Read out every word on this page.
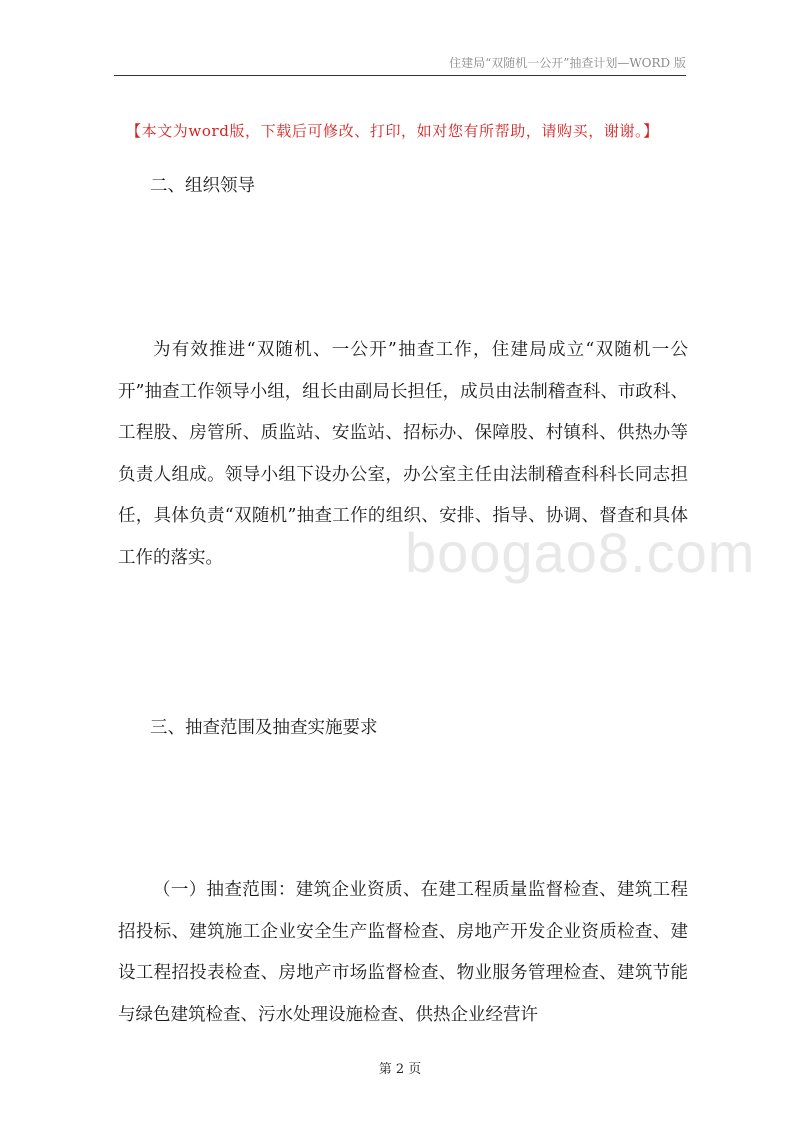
住建局“双随机一公开”抽查计划—WORD 版
【本文为word版，下载后可修改、打印，如对您有所帮助，请购买，谢谢。】
二、组织领导

为有效推进“双随机、一公开”抽查工作，住建局成立“双随机一公开”抽查工作领导小组，组长由副局长担任，成员由法制稽查科、市政科、工程股、房管所、质监站、安监站、招标办、保障股、村镇科、供热办等负责人组成。领导小组下设办公室，办公室主任由法制稽查科科长同志担任，具体负责“双随机”抽查工作的组织、安排、指导、协调、督查和具体工作的落实。	boogao8.com
三、抽查范围及抽查实施要求

（一）抽查范围：建筑企业资质、在建工程质量监督检查、建筑工程招投标、建筑施工企业安全生产监督检查、房地产开发企业资质检查、建设工程招投表检查、房地产市场监督检查、物业服务管理检查、建筑节能与绿色建筑检查、污水处理设施检查、供热企业经营许

第 2 页
